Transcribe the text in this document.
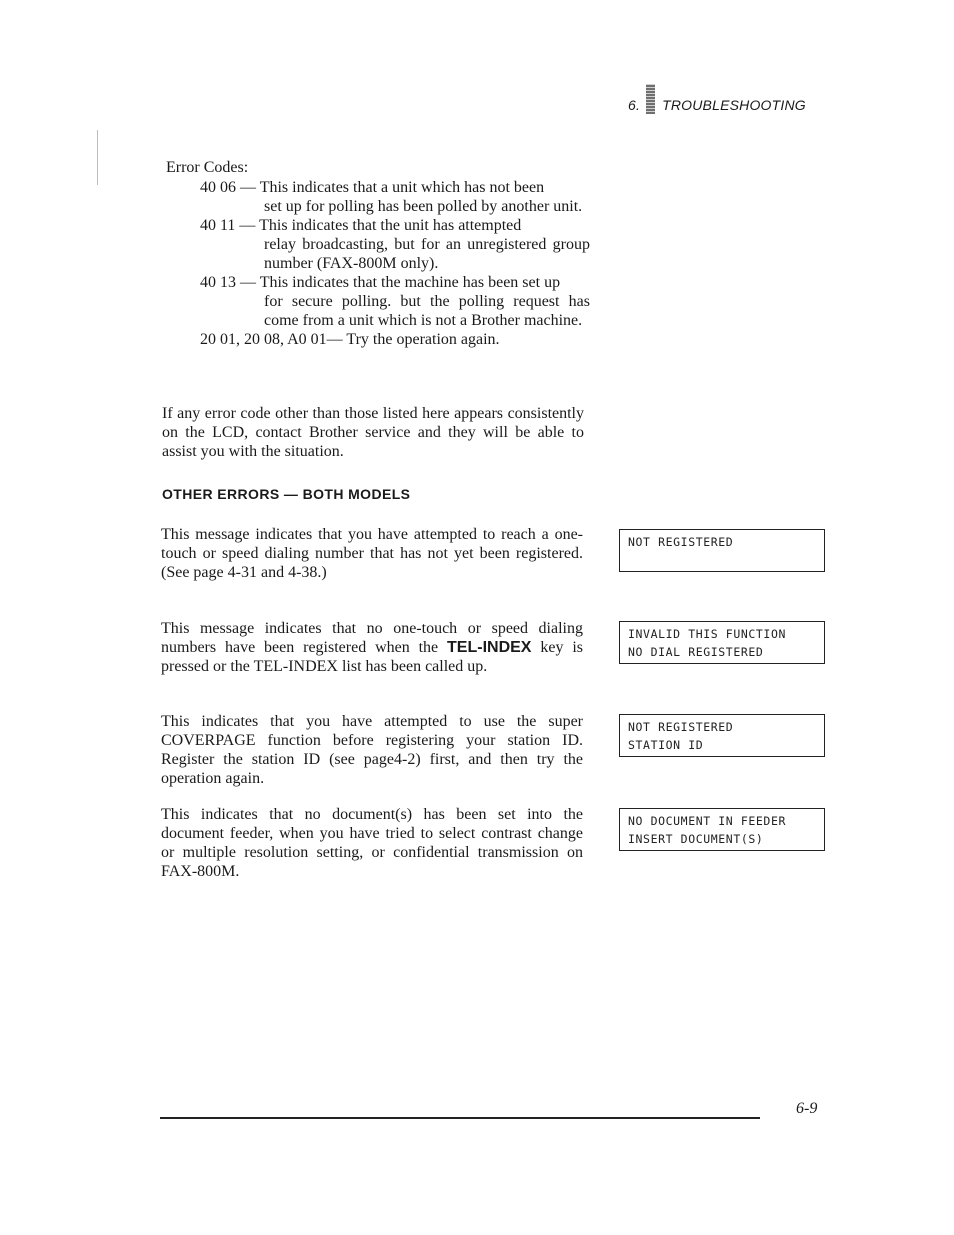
6. TROUBLESHOOTING
Error Codes:
40 06 — This indicates that a unit which has not been
set up for polling has been polled by another unit.
40 11 — This indicates that the unit has attempted
relay broadcasting, but for an unregistered group number (FAX-800M only).
40 13 — This indicates that the machine has been set up
for secure polling. but the polling request has come from a unit which is not a Brother machine.
20 01, 20 08, A0 01— Try the operation again.
If any error code other than those listed here appears consistently on the LCD, contact Brother service and they will be able to assist you with the situation.
OTHER ERRORS — BOTH MODELS
This message indicates that you have attempted to reach a one-touch or speed dialing number that has not yet been registered. (See page 4-31 and 4-38.)
NOT REGISTERED
This message indicates that no one-touch or speed dialing numbers have been registered when the TEL-INDEX key is pressed or the TEL-INDEX list has been called up.
INVALID THIS FUNCTION
NO DIAL REGISTERED
This indicates that you have attempted to use the super COVERPAGE function before registering your station ID. Register the station ID (see page4-2) first, and then try the operation again.
NOT REGISTERED
STATION ID
This indicates that no document(s) has been set into the document feeder, when you have tried to select contrast change or multiple resolution setting, or confidential transmission on FAX-800M.
NO DOCUMENT IN FEEDER
INSERT DOCUMENT(S)
6-9
